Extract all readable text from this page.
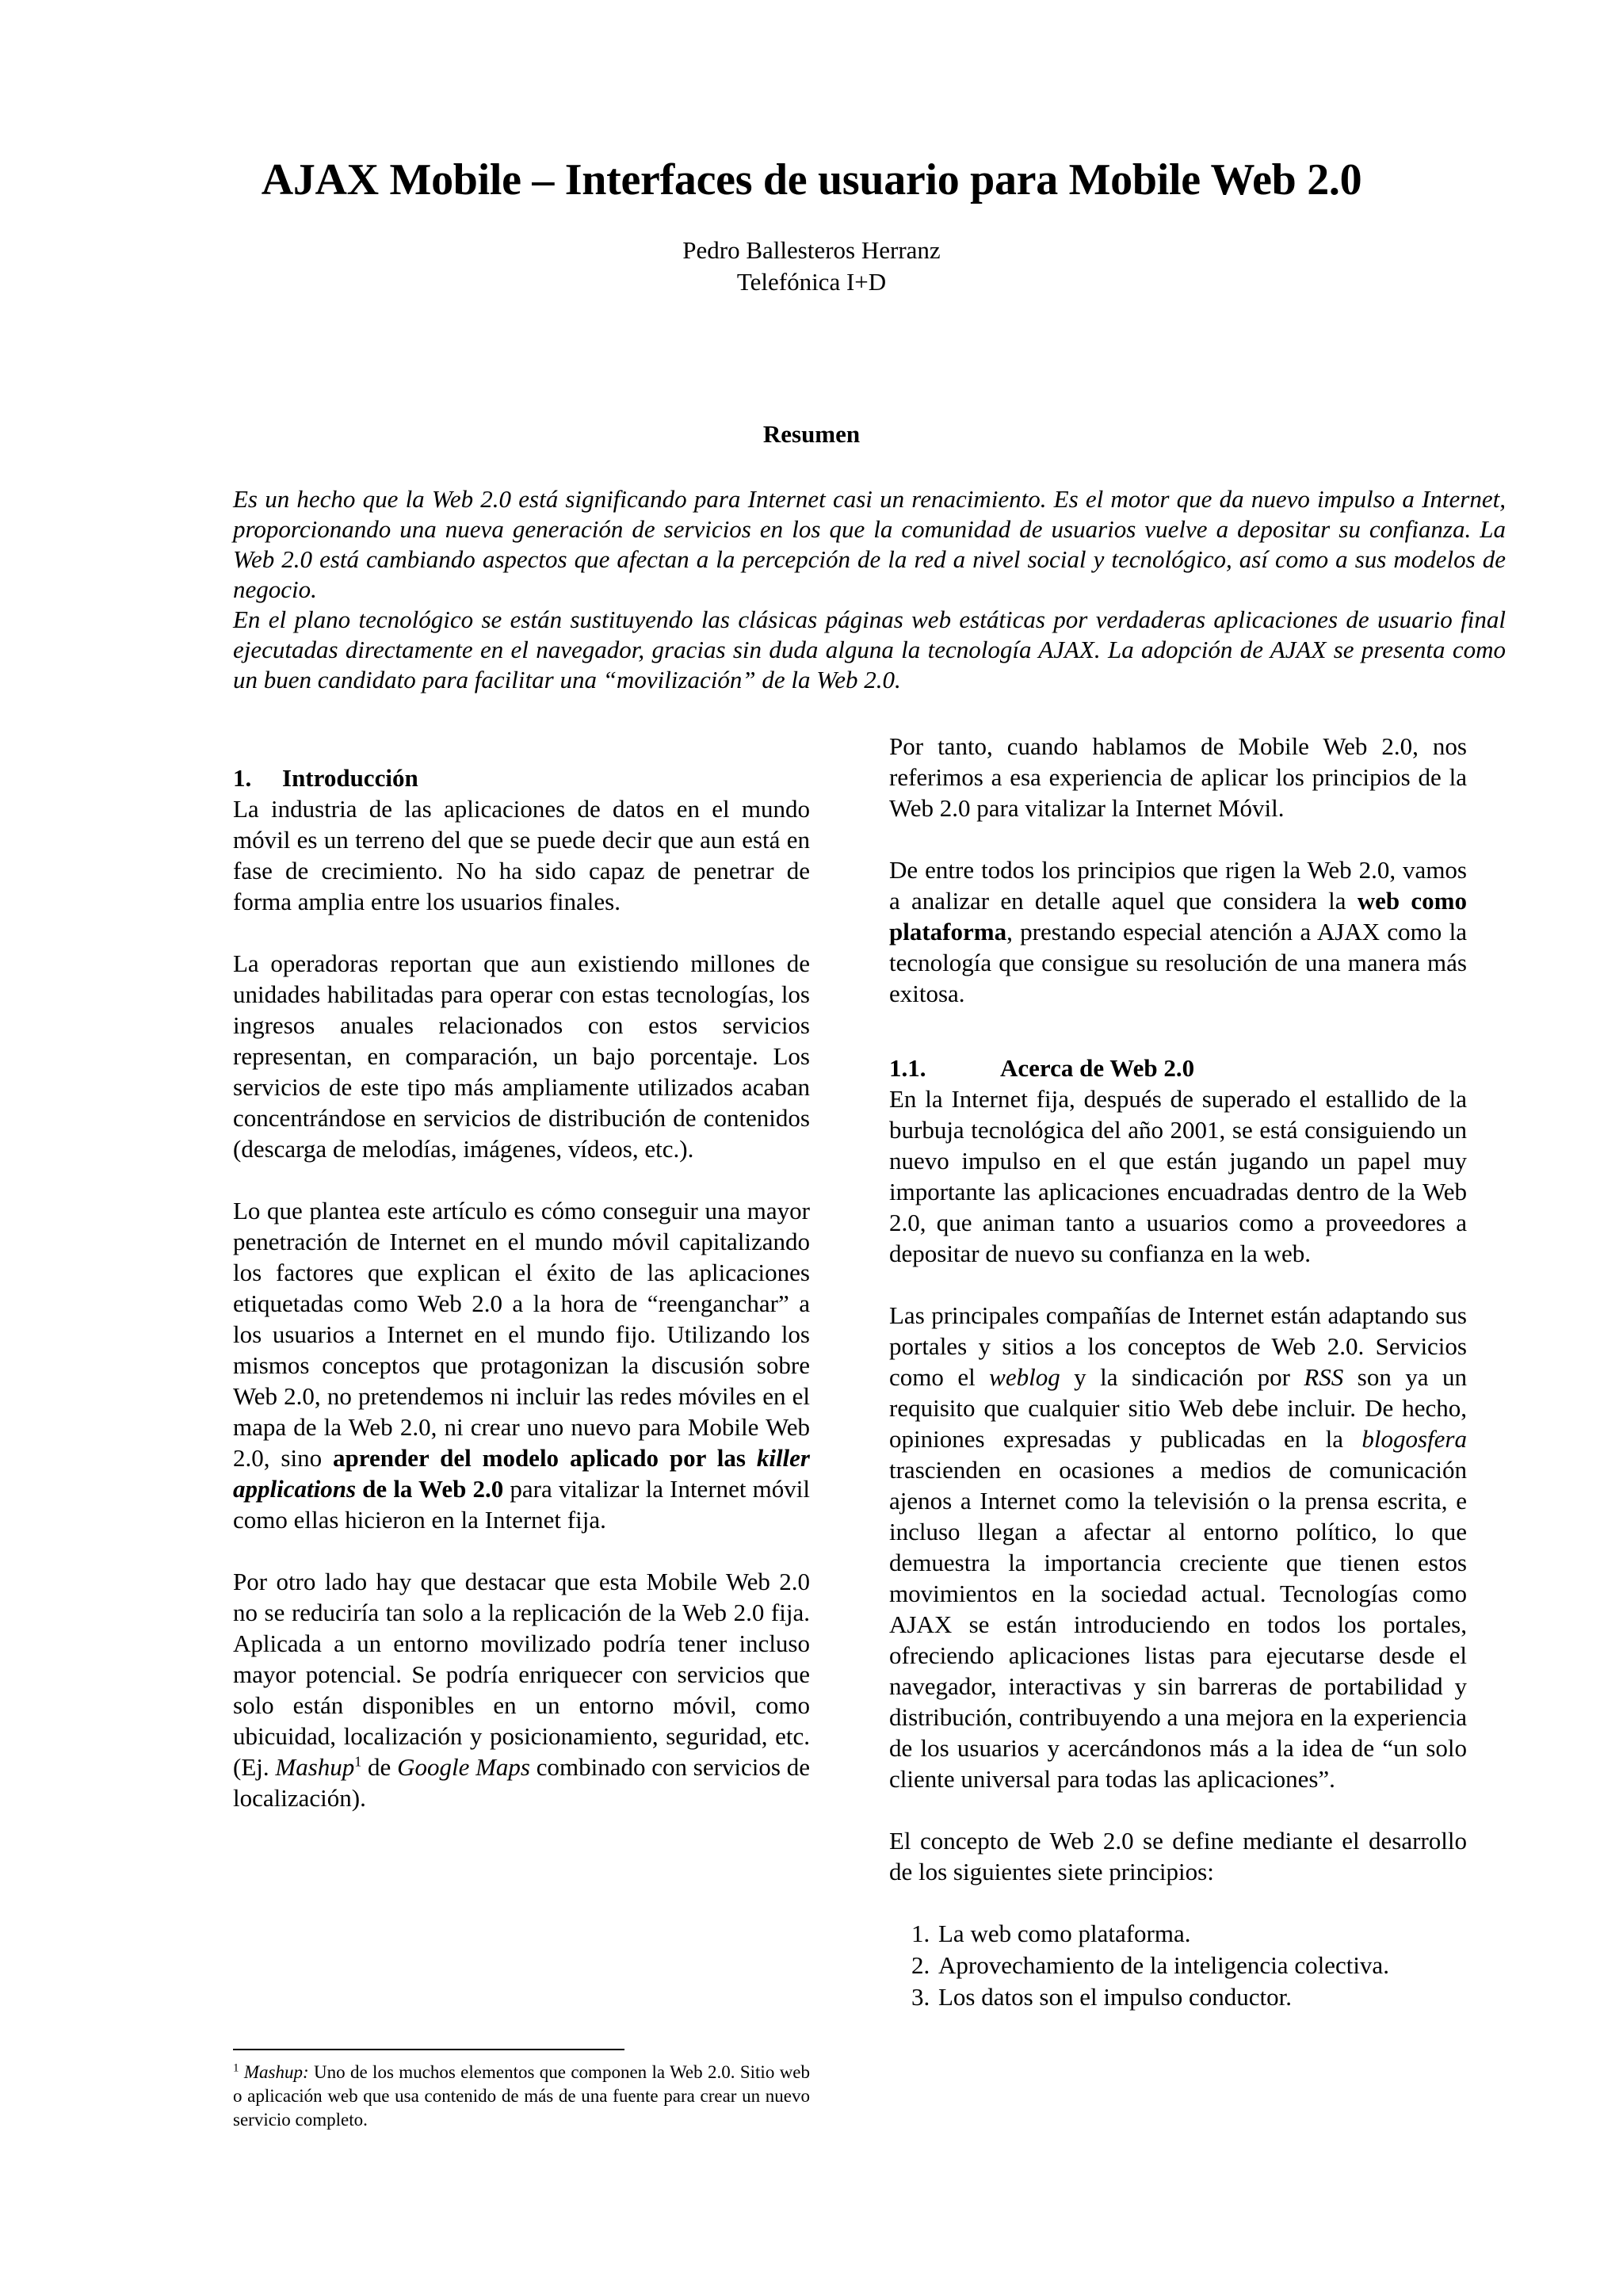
AJAX Mobile – Interfaces de usuario para Mobile Web 2.0
Pedro Ballesteros Herranz
Telefónica I+D
Resumen

Es un hecho que la Web 2.0 está significando para Internet casi un renacimiento. Es el motor que da nuevo impulso a Internet, proporcionando una nueva generación de servicios en los que la comunidad de usuarios vuelve a depositar su confianza. La Web 2.0 está cambiando aspectos que afectan a la percepción de la red a nivel social y tecnológico, así como a sus modelos de negocio.

En el plano tecnológico se están sustituyendo las clásicas páginas web estáticas por verdaderas aplicaciones de usuario final ejecutadas directamente en el navegador, gracias sin duda alguna la tecnología AJAX. La adopción de AJAX se presenta como un buen candidato para facilitar una “movilización” de la Web 2.0.

1. Introducción

La industria de las aplicaciones de datos en el mundo móvil es un terreno del que se puede decir que aun está en fase de crecimiento. No ha sido capaz de penetrar de forma amplia entre los usuarios finales.

La operadoras reportan que aun existiendo millones de unidades habilitadas para operar con estas tecnologías, los ingresos anuales relacionados con estos servicios representan, en comparación, un bajo porcentaje. Los servicios de este tipo más ampliamente utilizados acaban concentrándose en servicios de distribución de contenidos (descarga de melodías, imágenes, vídeos, etc.).

Lo que plantea este artículo es cómo conseguir una mayor penetración de Internet en el mundo móvil capitalizando los factores que explican el éxito de las aplicaciones etiquetadas como Web 2.0 a la hora de “reenganchar” a los usuarios a Internet en el mundo fijo. Utilizando los mismos conceptos que protagonizan la discusión sobre Web 2.0, no pretendemos ni incluir las redes móviles en el mapa de la Web 2.0, ni crear uno nuevo para Mobile Web 2.0, sino aprender del modelo aplicado por las killer applications de la Web 2.0 para vitalizar la Internet móvil como ellas hicieron en la Internet fija.

Por otro lado hay que destacar que esta Mobile Web 2.0 no se reduciría tan solo a la replicación de la Web 2.0 fija. Aplicada a un entorno movilizado podría tener incluso mayor potencial. Se podría enriquecer con servicios que solo están disponibles en un entorno móvil, como ubicuidad, localización y posicionamiento, seguridad, etc. (Ej. Mashup$^1$ de Google Maps combinado con servicios de localización).

$^1$ Mashup: Uno de los muchos elementos que componen la Web 2.0. Sitio web o aplicación web que usa contenido de más de una fuente para crear un nuevo servicio completo.

Por tanto, cuando hablamos de Mobile Web 2.0, nos referimos a esa experiencia de aplicar los principios de la Web 2.0 para vitalizar la Internet Móvil.

De entre todos los principios que rigen la Web 2.0, vamos a analizar en detalle aquel que considera la web como plataforma, prestando especial atención a AJAX como la tecnología que consigue su resolución de una manera más exitosa.

1.1.	Acerca de Web 2.0

En la Internet fija, después de superado el estallido de la burbuja tecnológica del año 2001, se está consiguiendo un nuevo impulso en el que están jugando un papel muy importante las aplicaciones encuadradas dentro de la Web 2.0, que animan tanto a usuarios como a proveedores a depositar de nuevo su confianza en la web.

Las principales compañías de Internet están adaptando sus portales y sitios a los conceptos de Web 2.0. Servicios como el weblog y la sindicación por RSS son ya un requisito que cualquier sitio Web debe incluir. De hecho, opiniones expresadas y publicadas en la blogosfera trascienden en ocasiones a medios de comunicación ajenos a Internet como la televisión o la prensa escrita, e incluso llegan a afectar al entorno político, lo que demuestra la importancia creciente que tienen estos movimientos en la sociedad actual. Tecnologías como AJAX se están introduciendo en todos los portales, ofreciendo aplicaciones listas para ejecutarse desde el navegador, interactivas y sin barreras de portabilidad y distribución, contribuyendo a una mejora en la experiencia de los usuarios y acercándonos más a la idea de “un solo cliente universal para todas las aplicaciones”.

El concepto de Web 2.0 se define mediante el desarrollo de los siguientes siete principios:

1. La web como plataforma.
2. Aprovechamiento de la inteligencia colectiva.
3. Los datos son el impulso conductor.
